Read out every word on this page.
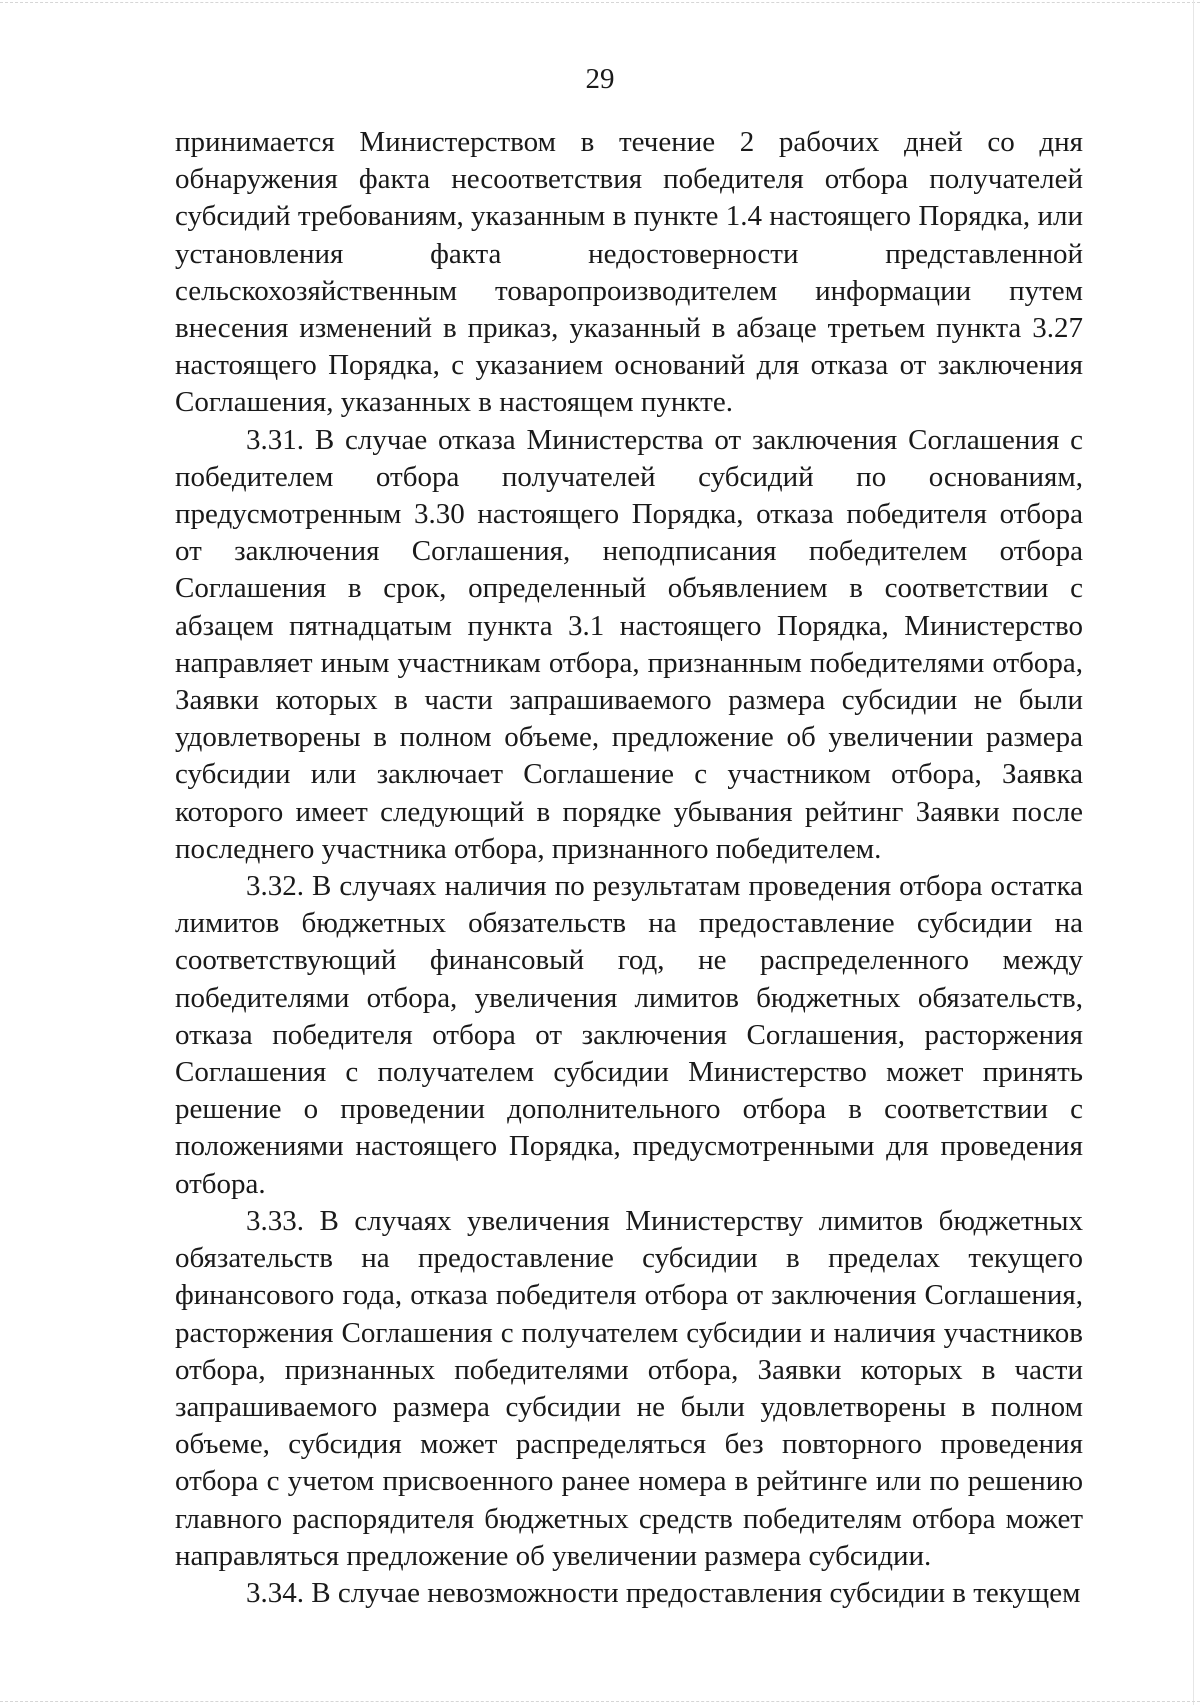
29

принимается Министерством в течение 2 рабочих дней со дня обнаружения факта несоответствия победителя отбора получателей субсидий требованиям, указанным в пункте 1.4 настоящего Порядка, или установления факта недостоверности представленной сельскохозяйственным товаропроизводителем информации путем внесения изменений в приказ, указанный в абзаце третьем пункта 3.27 настоящего Порядка, с указанием оснований для отказа от заключения Соглашения, указанных в настоящем пункте.

3.31. В случае отказа Министерства от заключения Соглашения с победителем отбора получателей субсидий по основаниям, предусмотренным 3.30 настоящего Порядка, отказа победителя отбора от заключения Соглашения, неподписания победителем отбора Соглашения в срок, определенный объявлением в соответствии с абзацем пятнадцатым пункта 3.1 настоящего Порядка, Министерство направляет иным участникам отбора, признанным победителями отбора, Заявки которых в части запрашиваемого размера субсидии не были удовлетворены в полном объеме, предложение об увеличении размера субсидии или заключает Соглашение с участником отбора, Заявка которого имеет следующий в порядке убывания рейтинг Заявки после последнего участника отбора, признанного победителем.

3.32. В случаях наличия по результатам проведения отбора остатка лимитов бюджетных обязательств на предоставление субсидии на соответствующий финансовый год, не распределенного между победителями отбора, увеличения лимитов бюджетных обязательств, отказа победителя отбора от заключения Соглашения, расторжения Соглашения с получателем субсидии Министерство может принять решение о проведении дополнительного отбора в соответствии с положениями настоящего Порядка, предусмотренными для проведения отбора.

3.33. В случаях увеличения Министерству лимитов бюджетных обязательств на предоставление субсидии в пределах текущего финансового года, отказа победителя отбора от заключения Соглашения, расторжения Соглашения с получателем субсидии и наличия участников отбора, признанных победителями отбора, Заявки которых в части запрашиваемого размера субсидии не были удовлетворены в полном объеме, субсидия может распределяться без повторного проведения отбора с учетом присвоенного ранее номера в рейтинге или по решению главного распорядителя бюджетных средств победителям отбора может направляться предложение об увеличении размера субсидии.

3.34. В случае невозможности предоставления субсидии в текущем
